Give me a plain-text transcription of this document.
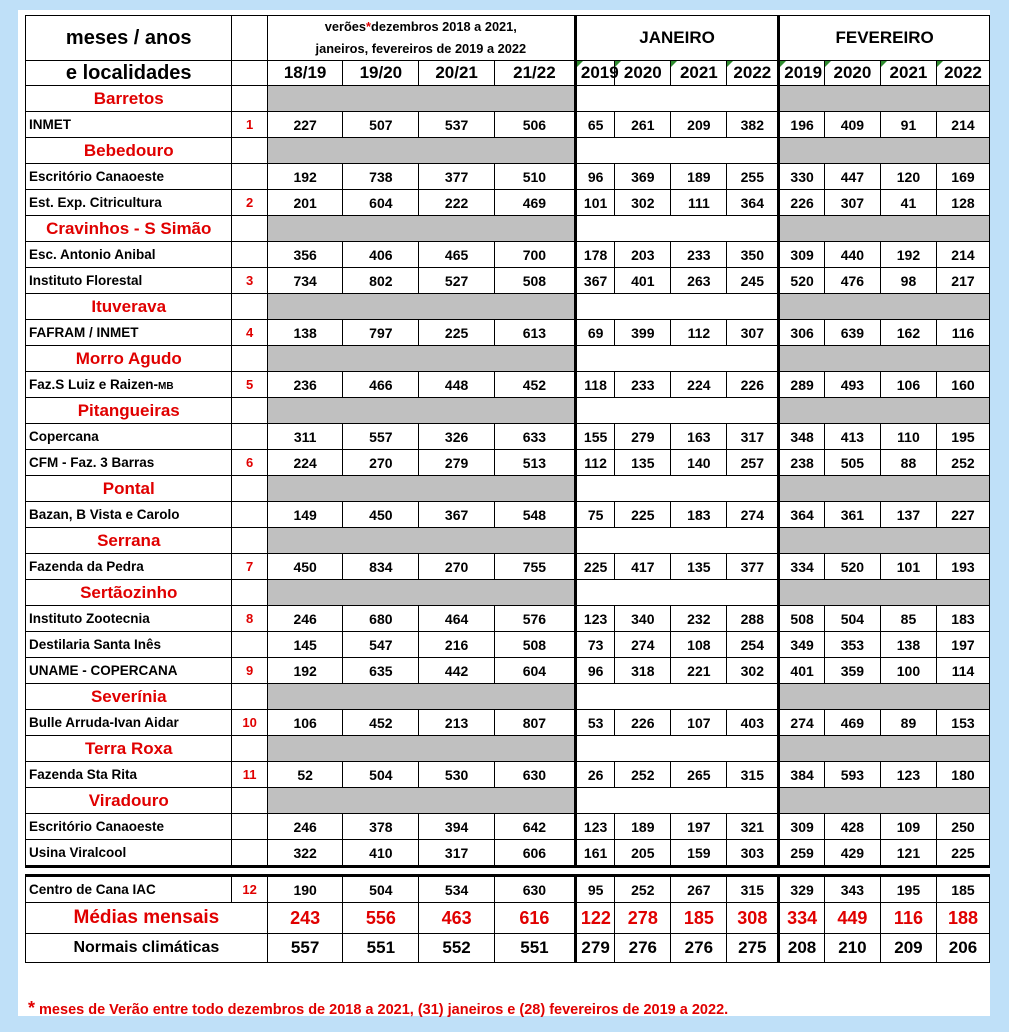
meses / anos		verões*dezembros 2018 a 2021,
janeiros, fevereiros de 2019 a 2022				JANEIRO				FEVEREIRO			
e localidades		18/19	19/20	20/21	21/22	2019	2020	2021	2022	2019	2020	2021	2022
Barretos													
INMET	1	227	507	537	506	65	261	209	382	196	409	91	214
Bebedouro													
Escritório Canaoeste		192	738	377	510	96	369	189	255	330	447	120	169
Est. Exp. Citricultura	2	201	604	222	469	101	302	111	364	226	307	41	128
Cravinhos - S Simão													
Esc. Antonio Anibal		356	406	465	700	178	203	233	350	309	440	192	214
Instituto Florestal	3	734	802	527	508	367	401	263	245	520	476	98	217
Ituverava													
FAFRAM / INMET	4	138	797	225	613	69	399	112	307	306	639	162	116
Morro Agudo													
Faz.S Luiz e Raizen-MB	5	236	466	448	452	118	233	224	226	289	493	106	160
Pitangueiras													
Copercana		311	557	326	633	155	279	163	317	348	413	110	195
CFM - Faz. 3 Barras	6	224	270	279	513	112	135	140	257	238	505	88	252
Pontal													
Bazan, B Vista e Carolo		149	450	367	548	75	225	183	274	364	361	137	227
Serrana													
Fazenda da Pedra	7	450	834	270	755	225	417	135	377	334	520	101	193
Sertãozinho													
Instituto Zootecnia	8	246	680	464	576	123	340	232	288	508	504	85	183
Destilaria Santa Inês		145	547	216	508	73	274	108	254	349	353	138	197
UNAME - COPERCANA	9	192	635	442	604	96	318	221	302	401	359	100	114
Severínia													
Bulle Arruda-Ivan Aidar	10	106	452	213	807	53	226	107	403	274	469	89	153
Terra Roxa													
Fazenda Sta Rita	11	52	504	530	630	26	252	265	315	384	593	123	180
Viradouro													
Escritório Canaoeste		246	378	394	642	123	189	197	321	309	428	109	250
Usina Viralcool		322	410	317	606	161	205	159	303	259	429	121	225

Centro de Cana IAC	12	190	504	534	630	95	252	267	315	329	343	195	185
Médias mensais		243	556	463	616	122	278	185	308	334	449	116	188
Normais climáticas		557	551	552	551	279	276	276	275	208	210	209	206
* meses de Verão entre todo dezembros de 2018 a 2021, (31) janeiros e (28) fevereiros de 2019 a 2022.
